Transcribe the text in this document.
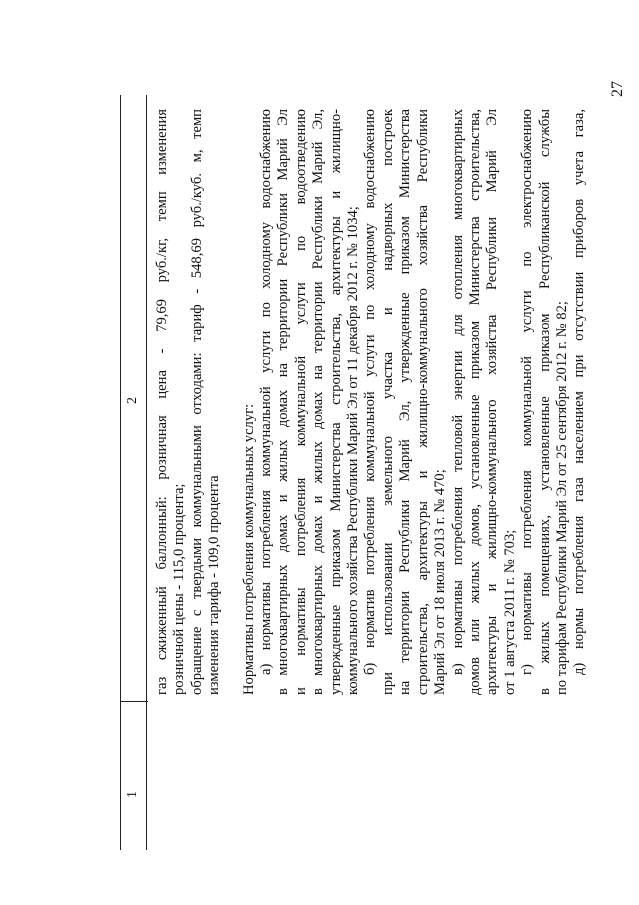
27
1
2 газ сжиженный баллонный: розничная цена - 79,69 руб./кг, темп изменения розничной цены - 115,0 процента; обращение с твердыми коммунальными отходами: тариф - 548,69 руб./куб. м, темп изменения тарифа - 109,0 процента Нормативы потребления коммунальных услуг: а) нормативы потребления коммунальной услуги по холодному водоснабжению в многоквартирных домах и жилых домах на территории Республики Марий Эл и нормативы потребления коммунальной услуги по водоотведению в многоквартирных домах и жилых домах на территории Республики Марий Эл, утвержденные приказом Министерства строительства, архитектуры и жилищно- коммунального хозяйства Республики Марий Эл от 11 декабря 2012 г. № 1034; б) норматив потребления коммунальной услуги по холодному водоснабжению при использовании земельного участка и надворных построек на территории Республики Марий Эл, утвержденные приказом Министерства строительства, архитектуры и жилищно-коммунального хозяйства Республики Марий Эл от 18 июля 2013 г. № 470; в) нормативы потребления тепловой энергии для отопления многоквартирных домов или жилых домов, установленные приказом Министерства строительства, архитектуры и жилищно-коммунального хозяйства Республики Марий Эл от 1 августа 2011 г. № 703; г) нормативы потребления коммунальной услуги по электроснабжению в жилых помещениях, установленные приказом Республиканской службы по тарифам Республики Марий Эл от 25 сентября 2012 г. № 82; д) нормы потребления газа населением при отсутствии приборов учета газа,
